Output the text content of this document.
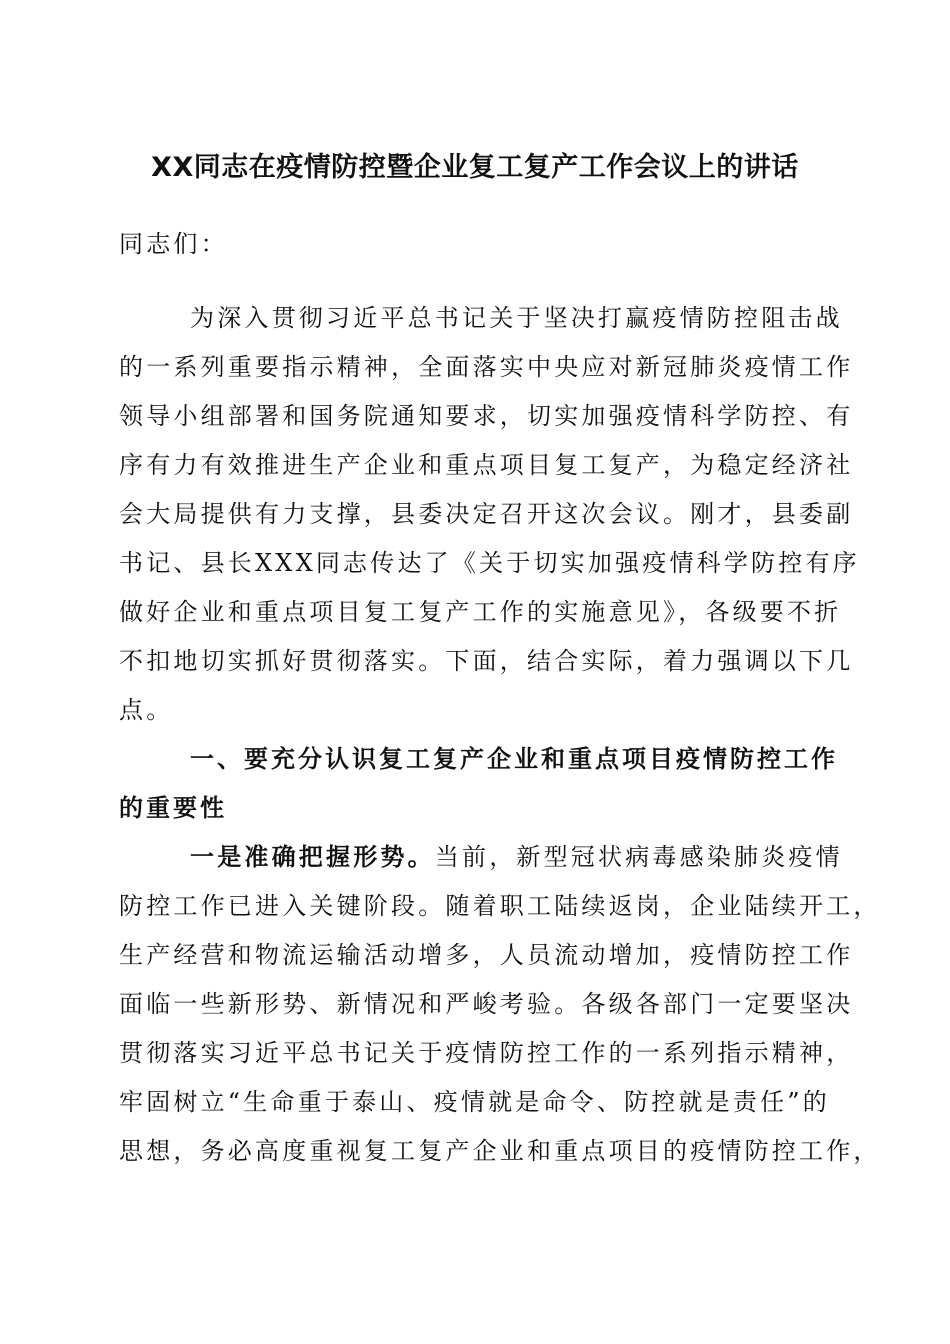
XX同志在疫情防控暨企业复工复产工作会议上的讲话
同志们：
为深入贯彻习近平总书记关于坚决打赢疫情防控阻击战
的一系列重要指示精神，全面落实中央应对新冠肺炎疫情工作
领导小组部署和国务院通知要求，切实加强疫情科学防控、有
序有力有效推进生产企业和重点项目复工复产，为稳定经济社
会大局提供有力支撑，县委决定召开这次会议。刚才，县委副
书记、县长XXX同志传达了《关于切实加强疫情科学防控有序
做好企业和重点项目复工复产工作的实施意见》，各级要不折
不扣地切实抓好贯彻落实。下面，结合实际，着力强调以下几
点。
一、要充分认识复工复产企业和重点项目疫情防控工作
的重要性
一是准确把握形势。当前，新型冠状病毒感染肺炎疫情
防控工作已进入关键阶段。随着职工陆续返岗，企业陆续开工，
生产经营和物流运输活动增多，人员流动增加，疫情防控工作
面临一些新形势、新情况和严峻考验。各级各部门一定要坚决
贯彻落实习近平总书记关于疫情防控工作的一系列指示精神，
牢固树立“生命重于泰山、疫情就是命令、防控就是责任”的
思想，务必高度重视复工复产企业和重点项目的疫情防控工作，
